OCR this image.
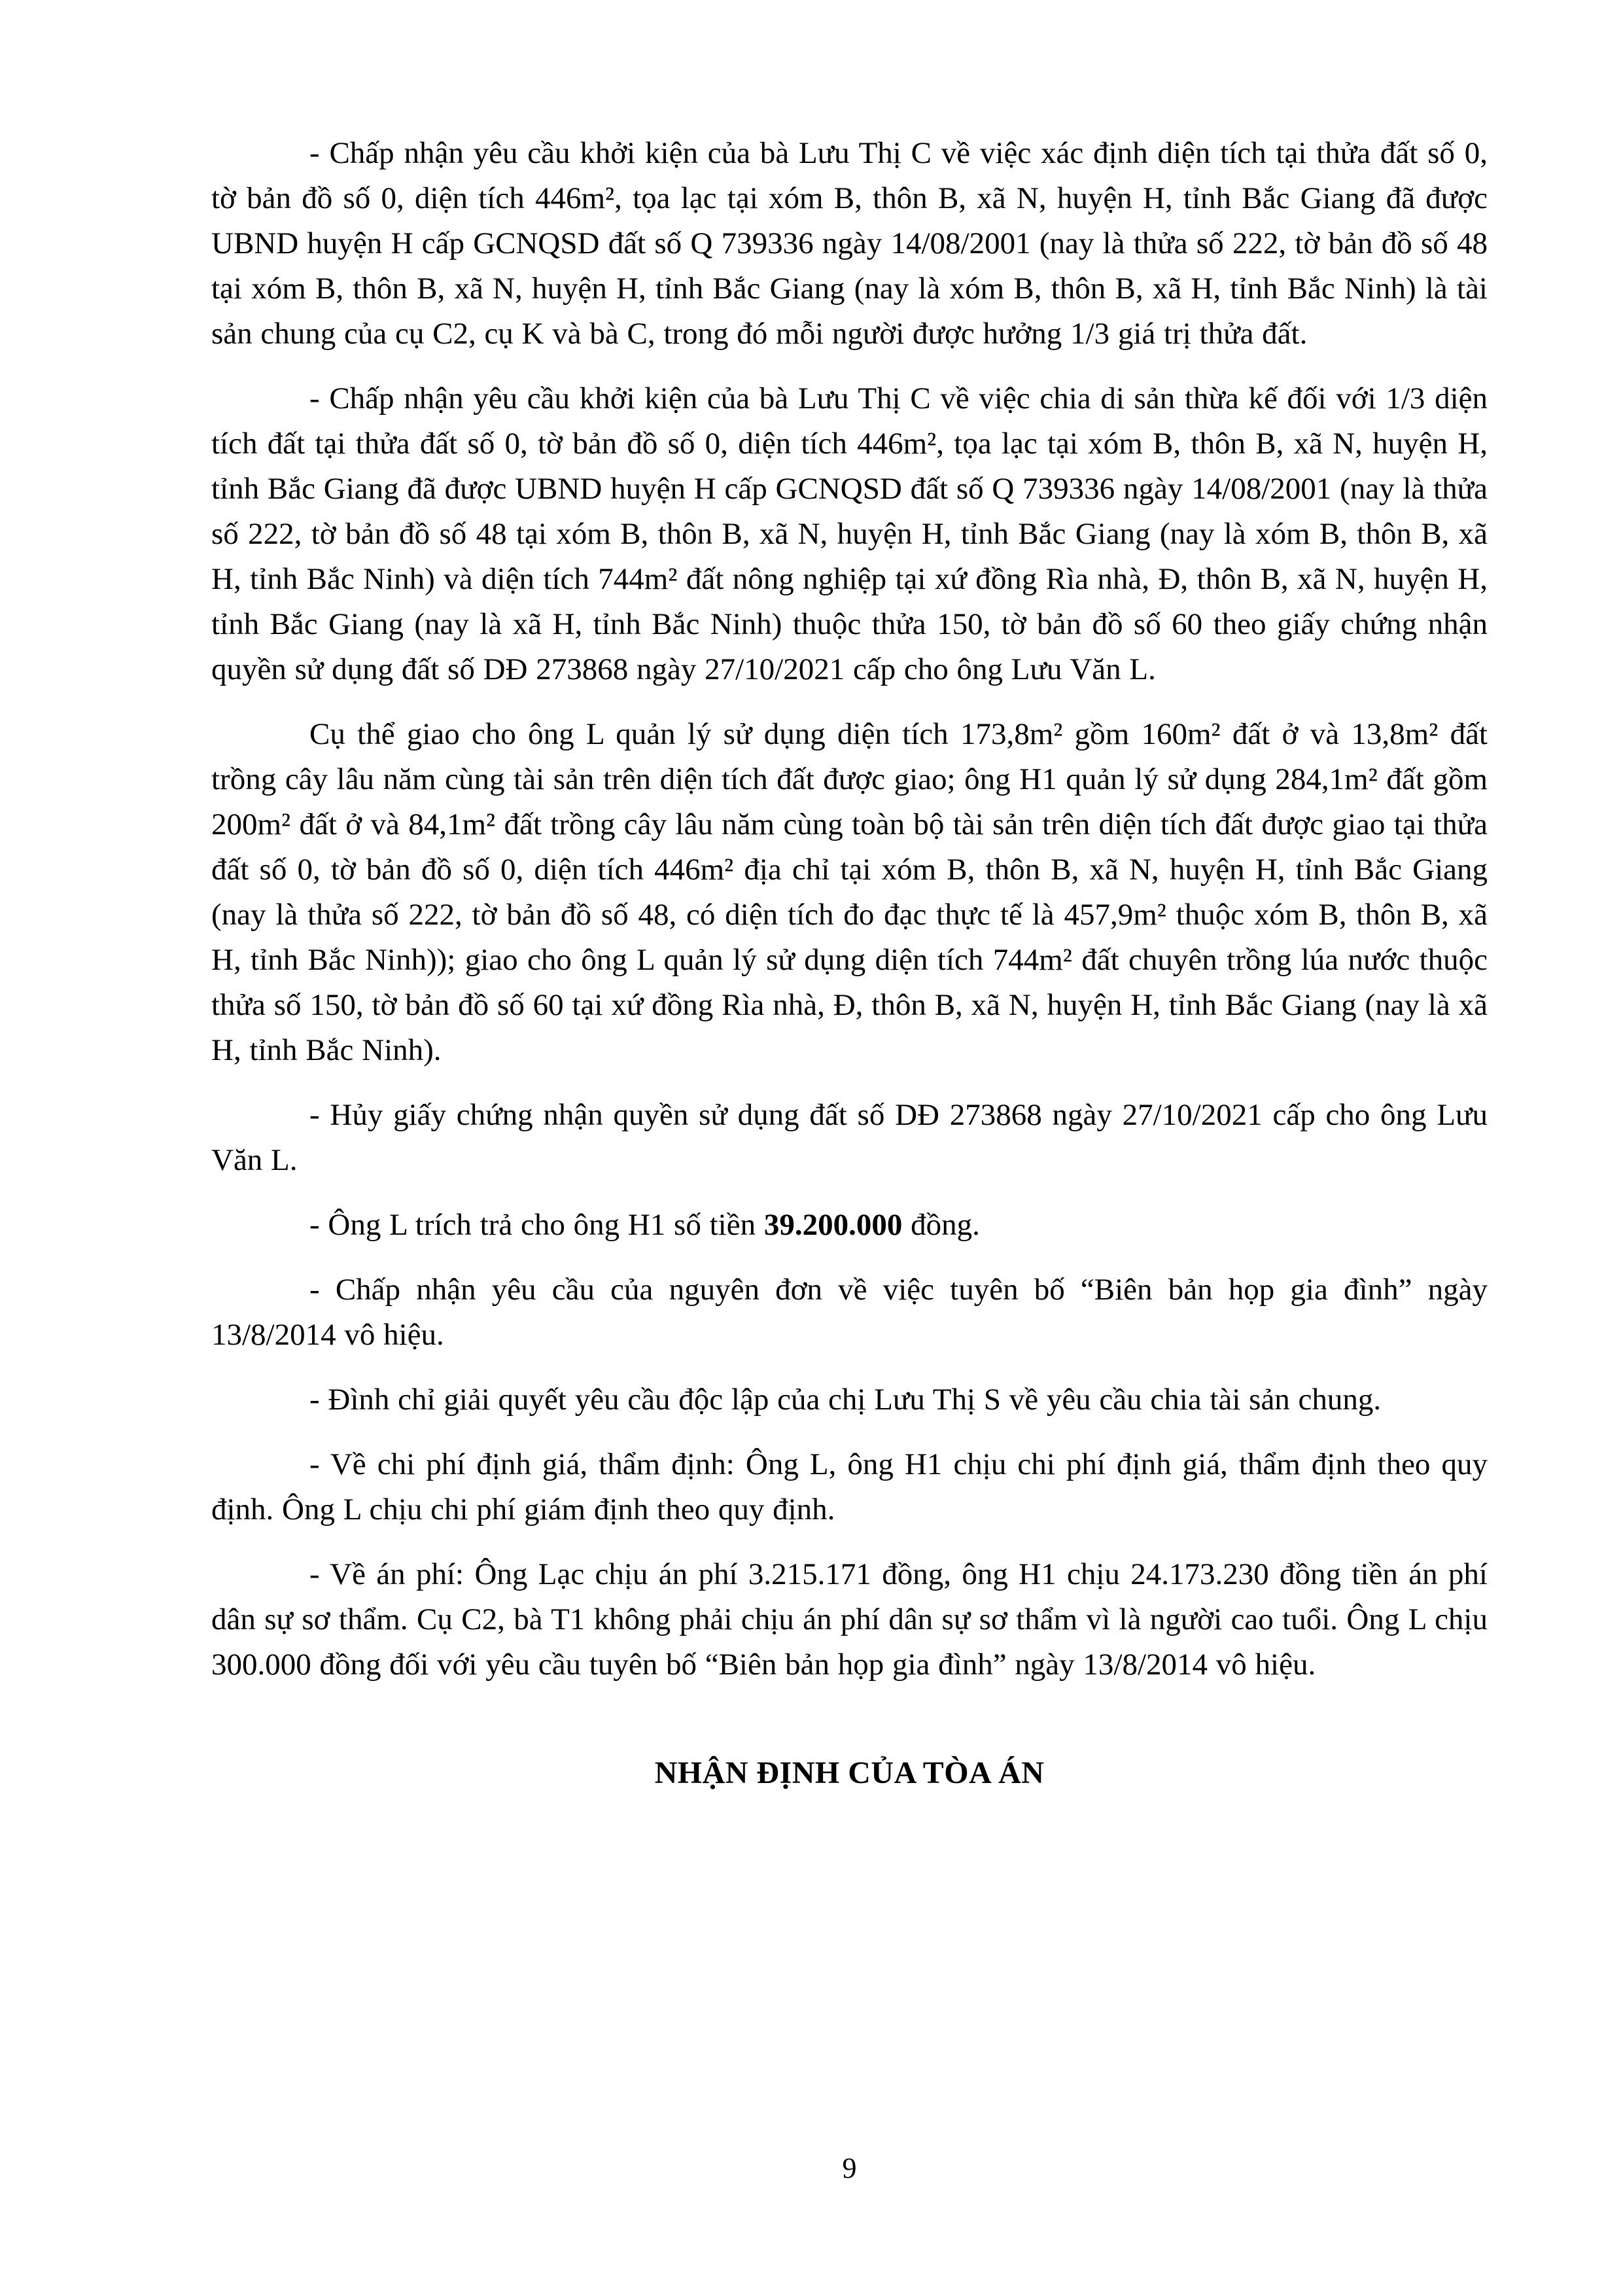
- Chấp nhận yêu cầu khởi kiện của bà Lưu Thị C về việc xác định diện tích tại thửa đất số 0, tờ bản đồ số 0, diện tích 446m², tọa lạc tại xóm B, thôn B, xã N, huyện H, tỉnh Bắc Giang đã được UBND huyện H cấp GCNQSD đất số Q 739336 ngày 14/08/2001 (nay là thửa số 222, tờ bản đồ số 48 tại xóm B, thôn B, xã N, huyện H, tỉnh Bắc Giang (nay là xóm B, thôn B, xã H, tỉnh Bắc Ninh) là tài sản chung của cụ C2, cụ K và bà C, trong đó mỗi người được hưởng 1/3 giá trị thửa đất.

- Chấp nhận yêu cầu khởi kiện của bà Lưu Thị C về việc chia di sản thừa kế đối với 1/3 diện tích đất tại thửa đất số 0, tờ bản đồ số 0, diện tích 446m², tọa lạc tại xóm B, thôn B, xã N, huyện H, tỉnh Bắc Giang đã được UBND huyện H cấp GCNQSD đất số Q 739336 ngày 14/08/2001 (nay là thửa số 222, tờ bản đồ số 48 tại xóm B, thôn B, xã N, huyện H, tỉnh Bắc Giang (nay là xóm B, thôn B, xã H, tỉnh Bắc Ninh) và diện tích 744m² đất nông nghiệp tại xứ đồng Rìa nhà, Đ, thôn B, xã N, huyện H, tỉnh Bắc Giang (nay là xã H, tỉnh Bắc Ninh) thuộc thửa 150, tờ bản đồ số 60 theo giấy chứng nhận quyền sử dụng đất số DĐ 273868 ngày 27/10/2021 cấp cho ông Lưu Văn L.

Cụ thể giao cho ông L quản lý sử dụng diện tích 173,8m² gồm 160m² đất ở và 13,8m² đất trồng cây lâu năm cùng tài sản trên diện tích đất được giao; ông H1 quản lý sử dụng 284,1m² đất gồm 200m² đất ở và 84,1m² đất trồng cây lâu năm cùng toàn bộ tài sản trên diện tích đất được giao tại thửa đất số 0, tờ bản đồ số 0, diện tích 446m² địa chỉ tại xóm B, thôn B, xã N, huyện H, tỉnh Bắc Giang (nay là thửa số 222, tờ bản đồ số 48, có diện tích đo đạc thực tế là 457,9m² thuộc xóm B, thôn B, xã H, tỉnh Bắc Ninh)); giao cho ông L quản lý sử dụng diện tích 744m² đất chuyên trồng lúa nước thuộc thửa số 150, tờ bản đồ số 60 tại xứ đồng Rìa nhà, Đ, thôn B, xã N, huyện H, tỉnh Bắc Giang (nay là xã H, tỉnh Bắc Ninh).

- Hủy giấy chứng nhận quyền sử dụng đất số DĐ 273868 ngày 27/10/2021 cấp cho ông Lưu Văn L.

- Ông L trích trả cho ông H1 số tiền 39.200.000 đồng.

- Chấp nhận yêu cầu của nguyên đơn về việc tuyên bố “Biên bản họp gia đình” ngày 13/8/2014 vô hiệu.

- Đình chỉ giải quyết yêu cầu độc lập của chị Lưu Thị S về yêu cầu chia tài sản chung.

- Về chi phí định giá, thẩm định: Ông L, ông H1 chịu chi phí định giá, thẩm định theo quy định. Ông L chịu chi phí giám định theo quy định.

- Về án phí: Ông Lạc chịu án phí 3.215.171 đồng, ông H1 chịu 24.173.230 đồng tiền án phí dân sự sơ thẩm. Cụ C2, bà T1 không phải chịu án phí dân sự sơ thẩm vì là người cao tuổi. Ông L chịu 300.000 đồng đối với yêu cầu tuyên bố “Biên bản họp gia đình” ngày 13/8/2014 vô hiệu.

NHẬN ĐỊNH CỦA TÒA ÁN
9
